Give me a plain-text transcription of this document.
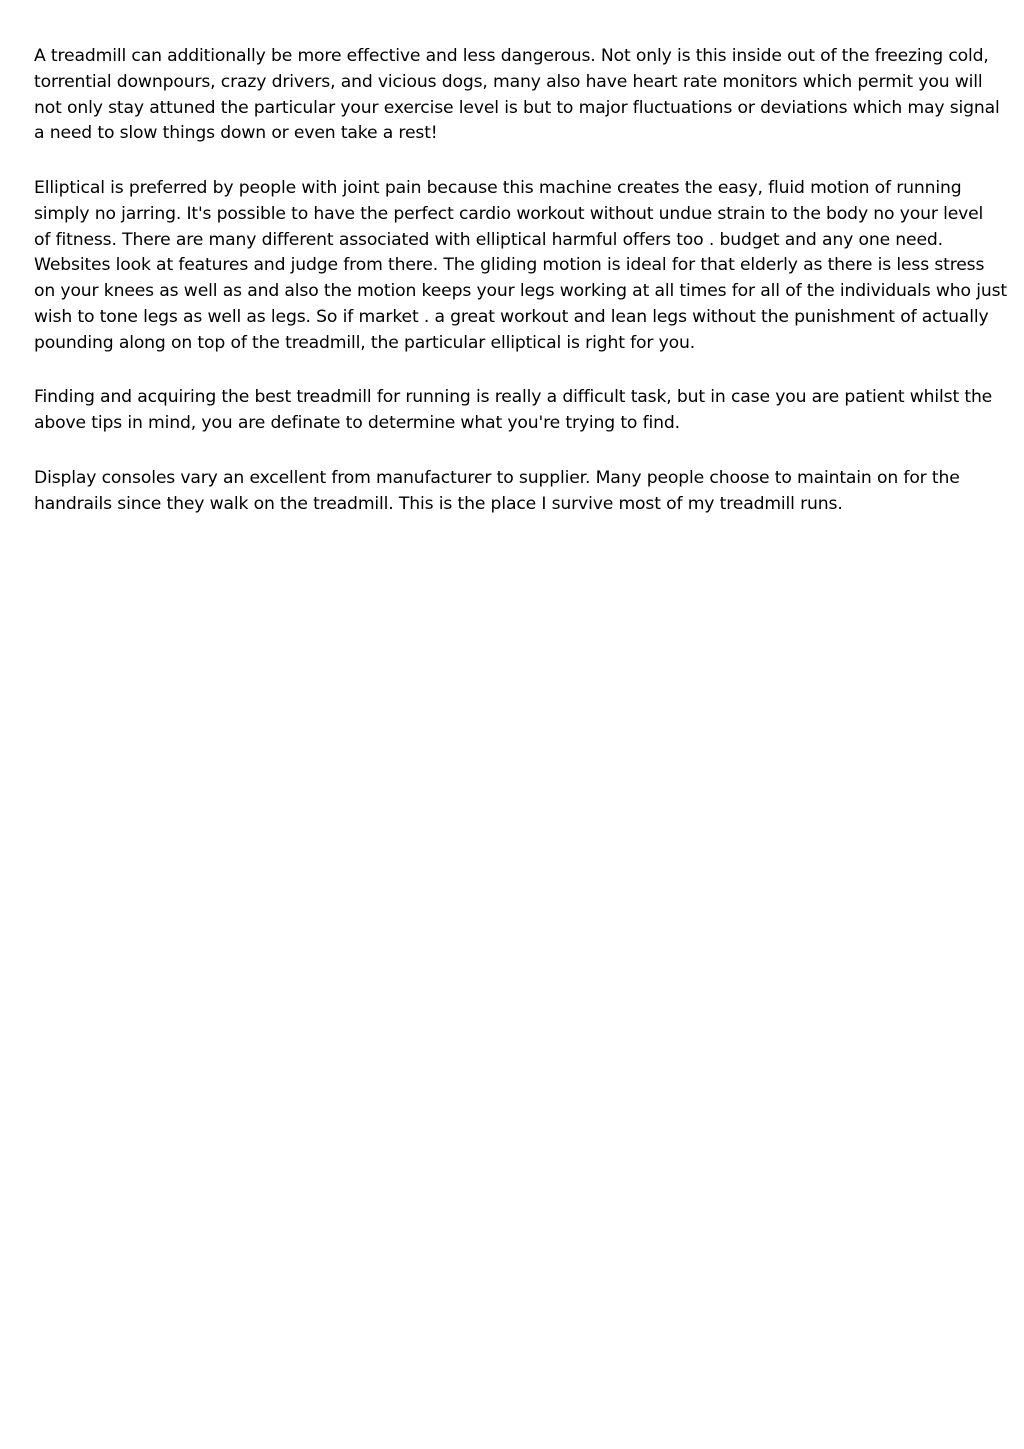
A treadmill can additionally be more effective and less dangerous. Not only is this inside out of the freezing cold,
torrential downpours, crazy drivers, and vicious dogs, many also have heart rate monitors which permit you will
not only stay attuned the particular your exercise level is but to major fluctuations or deviations which may signal
a need to slow things down or even take a rest!

Elliptical is preferred by people with joint pain because this machine creates the easy, fluid motion of running
simply no jarring. It's possible to have the perfect cardio workout without undue strain to the body no your level
of fitness. There are many different associated with elliptical harmful offers too . budget and any one need.
Websites look at features and judge from there. The gliding motion is ideal for that elderly as there is less stress
on your knees as well as and also the motion keeps your legs working at all times for all of the individuals who just
wish to tone legs as well as legs. So if market . a great workout and lean legs without the punishment of actually
pounding along on top of the treadmill, the particular elliptical is right for you.

Finding and acquiring the best treadmill for running is really a difficult task, but in case you are patient whilst the
above tips in mind, you are definate to determine what you're trying to find.

Display consoles vary an excellent from manufacturer to supplier. Many people choose to maintain on for the
handrails since they walk on the treadmill. This is the place I survive most of my treadmill runs.
